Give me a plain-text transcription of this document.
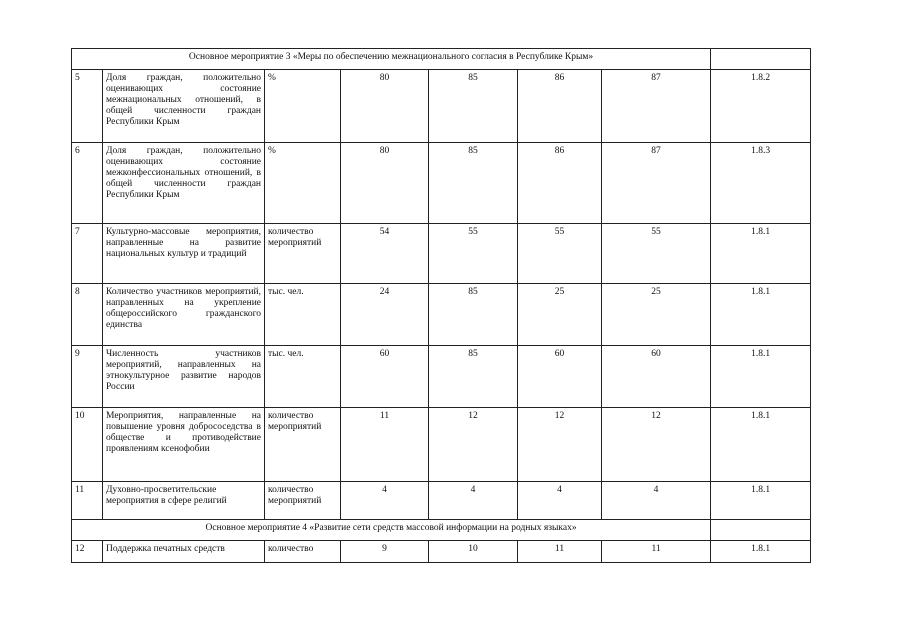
Основное мероприятие 3 «Меры по обеспечению межнационального согласия в Республике Крым»							
5	Доля граждан, положительно оценивающих состояние межнациональных отношений, в общей численности граждан Республики Крым	%	80	85	86	87	1.8.2
6	Доля граждан, положительно оценивающих состояние межконфессиональных отношений, в общей численности граждан Республики Крым	%	80	85	86	87	1.8.3
7	Культурно-массовые мероприятия, направленные на развитие национальных культур и традиций	количество мероприятий	54	55	55	55	1.8.1
8	Количество участников мероприятий, направленных на укрепление общероссийского гражданского единства	тыс. чел.	24	85	25	25	1.8.1
9	Численность участников мероприятий, направленных на этнокультурное развитие народов России	тыс. чел.	60	85	60	60	1.8.1
10	Мероприятия, направленные на повышение уровня добрососедства в обществе и противодействие проявлениям ксенофобии	количество мероприятий	11	12	12	12	1.8.1
11	Духовно-просветительские мероприятия в сфере религий	количество мероприятий	4	4	4	4	1.8.1
Основное мероприятие 4 «Развитие сети средств массовой информации на родных языках»							
12	Поддержка печатных средств	количество	9	10	11	11	1.8.1
